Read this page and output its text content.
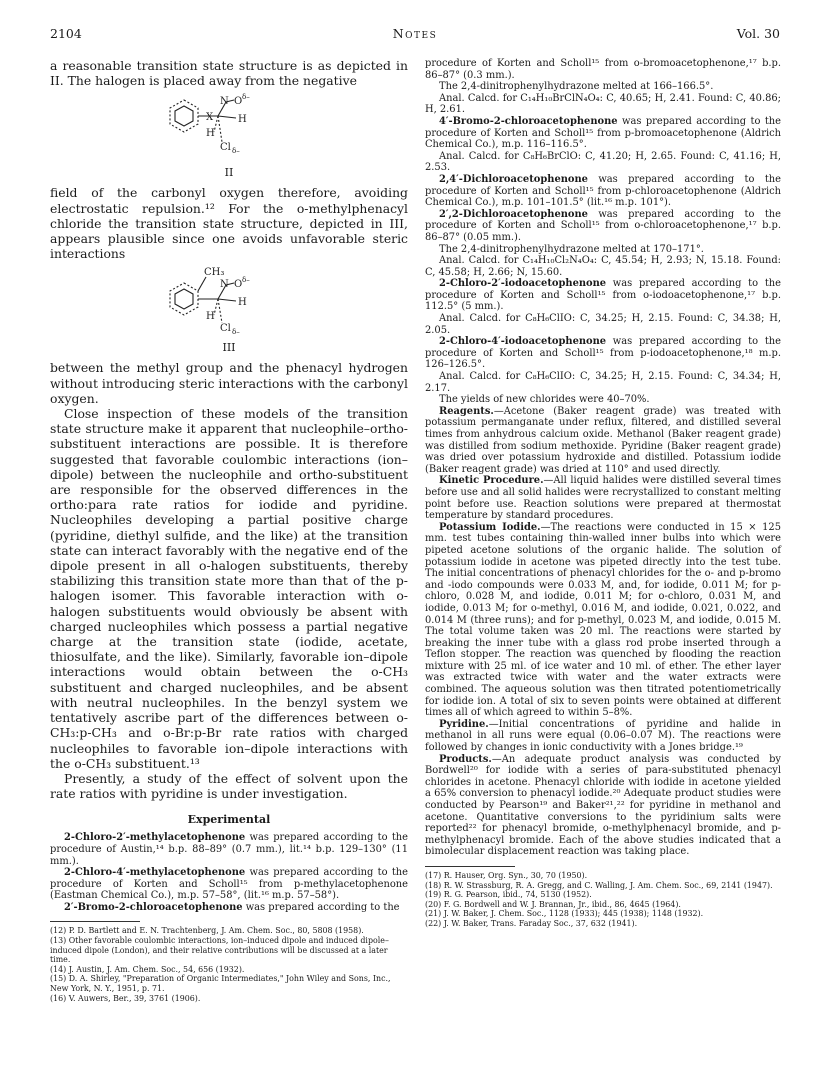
2104	Notes	Vol. 30

a reasonable transition state structure is as depicted in II. The halogen is placed away from the negative

N O δ–
X H
H
Cl δ–
II

field of the carbonyl oxygen therefore, avoiding electrostatic repulsion.¹² For the o-methylphenacyl chloride the transition state structure, depicted in III, appears plausible since one avoids unfavorable steric interactions

CH₃
N O δ–
H
H
Cl δ–
III

between the methyl group and the phenacyl hydrogen without introducing steric interactions with the carbonyl oxygen.

Close inspection of these models of the transition state structure make it apparent that nucleophile–ortho-substituent interactions are possible. It is therefore suggested that favorable coulombic interactions (ion–dipole) between the nucleophile and ortho-substituent are responsible for the observed differences in the ortho:para rate ratios for iodide and pyridine. Nucleophiles developing a partial positive charge (pyridine, diethyl sulfide, and the like) at the transition state can interact favorably with the negative end of the dipole present in all o-halogen substituents, thereby stabilizing this transition state more than that of the p-halogen isomer. This favorable interaction with o-halogen substituents would obviously be absent with charged nucleophiles which possess a partial negative charge at the transition state (iodide, acetate, thiosulfate, and the like). Similarly, favorable ion–dipole interactions would obtain between the o-CH₃ substituent and charged nucleophiles, and be absent with neutral nucleophiles. In the benzyl system we tentatively ascribe part of the differences between o-CH₃:p-CH₃ and o-Br:p-Br rate ratios with charged nucleophiles to favorable ion–dipole interactions with the o-CH₃ substituent.¹³

Presently, a study of the effect of solvent upon the rate ratios with pyridine is under investigation.

Experimental

2-Chloro-2′-methylacetophenone was prepared according to the procedure of Austin,¹⁴ b.p. 88–89° (0.7 mm.), lit.¹⁴ b.p. 129–130° (11 mm.).

2-Chloro-4′-methylacetophenone was prepared according to the procedure of Korten and Scholl¹⁵ from p-methylacetophenone (Eastman Chemical Co.), m.p. 57–58°, (lit.¹⁶ m.p. 57–58°).

2′-Bromo-2-chloroacetophenone was prepared according to the

(12) P. D. Bartlett and E. N. Trachtenberg, J. Am. Chem. Soc., 80, 5808 (1958).

(13) Other favorable coulombic interactions, ion–induced dipole and induced dipole–induced dipole (London), and their relative contributions will be discussed at a later time.

(14) J. Austin, J. Am. Chem. Soc., 54, 656 (1932).

(15) D. A. Shirley, "Preparation of Organic Intermediates," John Wiley and Sons, Inc., New York, N. Y., 1951, p. 71.

(16) V. Auwers, Ber., 39, 3761 (1906).

procedure of Korten and Scholl¹⁵ from o-bromoacetophenone,¹⁷ b.p. 86–87° (0.3 mm.).

The 2,4-dinitrophenylhydrazone melted at 166–166.5°.

Anal. Calcd. for C₁₄H₁₀BrClN₄O₄: C, 40.65; H, 2.41. Found: C, 40.86; H, 2.61.

4′-Bromo-2-chloroacetophenone was prepared according to the procedure of Korten and Scholl¹⁵ from p-bromoacetophenone (Aldrich Chemical Co.), m.p. 116–116.5°.

Anal. Calcd. for C₈H₆BrClO: C, 41.20; H, 2.65. Found: C, 41.16; H, 2.53.

2,4′-Dichloroacetophenone was prepared according to the procedure of Korten and Scholl¹⁵ from p-chloroacetophenone (Aldrich Chemical Co.), m.p. 101–101.5° (lit.¹⁶ m.p. 101°).

2′,2-Dichloroacetophenone was prepared according to the procedure of Korten and Scholl¹⁵ from o-chloroacetophenone,¹⁷ b.p. 86–87° (0.05 mm.).

The 2,4-dinitrophenylhydrazone melted at 170–171°.

Anal. Calcd. for C₁₄H₁₀Cl₂N₄O₄: C, 45.54; H, 2.93; N, 15.18. Found: C, 45.58; H, 2.66; N, 15.60.

2-Chloro-2′-iodoacetophenone was prepared according to the procedure of Korten and Scholl¹⁵ from o-iodoacetophenone,¹⁷ b.p. 112.5° (5 mm.).

Anal. Calcd. for C₈H₆ClIO: C, 34.25; H, 2.15. Found: C, 34.38; H, 2.05.

2-Chloro-4′-iodoacetophenone was prepared according to the procedure of Korten and Scholl¹⁵ from p-iodoacetophenone,¹⁸ m.p. 126–126.5°.

Anal. Calcd. for C₈H₆ClIO: C, 34.25; H, 2.15. Found: C, 34.34; H, 2.17.

The yields of new chlorides were 40–70%.

Reagents.—Acetone (Baker reagent grade) was treated with potassium permanganate under reflux, filtered, and distilled several times from anhydrous calcium oxide. Methanol (Baker reagent grade) was distilled from sodium methoxide. Pyridine (Baker reagent grade) was dried over potassium hydroxide and distilled. Potassium iodide (Baker reagent grade) was dried at 110° and used directly.

Kinetic Procedure.—All liquid halides were distilled several times before use and all solid halides were recrystallized to constant melting point before use. Reaction solutions were prepared at thermostat temperature by standard procedures.

Potassium Iodide.—The reactions were conducted in 15 × 125 mm. test tubes containing thin-walled inner bulbs into which were pipeted acetone solutions of the organic halide. The solution of potassium iodide in acetone was pipeted directly into the test tube. The initial concentrations of phenacyl chlorides for the o- and p-bromo and -iodo compounds were 0.033 M, and, for iodide, 0.011 M; for p-chloro, 0.028 M, and iodide, 0.011 M; for o-chloro, 0.031 M, and iodide, 0.013 M; for o-methyl, 0.016 M, and iodide, 0.021, 0.022, and 0.014 M (three runs); and for p-methyl, 0.023 M, and iodide, 0.015 M. The total volume taken was 20 ml. The reactions were started by breaking the inner tube with a glass rod probe inserted through a Teflon stopper. The reaction was quenched by flooding the reaction mixture with 25 ml. of ice water and 10 ml. of ether. The ether layer was extracted twice with water and the water extracts were combined. The aqueous solution was then titrated potentiometrically for iodide ion. A total of six to seven points were obtained at different times all of which agreed to within 5–8%.

Pyridine.—Initial concentrations of pyridine and halide in methanol in all runs were equal (0.06–0.07 M). The reactions were followed by changes in ionic conductivity with a Jones bridge.¹⁹

Products.—An adequate product analysis was conducted by Bordwell²⁰ for iodide with a series of para-substituted phenacyl chlorides in acetone. Phenacyl chloride with iodide in acetone yielded a 65% conversion to phenacyl iodide.²⁰ Adequate product studies were conducted by Pearson¹⁹ and Baker²¹,²² for pyridine in methanol and acetone. Quantitative conversions to the pyridinium salts were reported²² for phenacyl bromide, o-methylphenacyl bromide, and p-methylphenacyl bromide. Each of the above studies indicated that a bimolecular displacement reaction was taking place.

(17) R. Hauser, Org. Syn., 30, 70 (1950).

(18) R. W. Strassburg, R. A. Gregg, and C. Walling, J. Am. Chem. Soc., 69, 2141 (1947).

(19) R. G. Pearson, ibid., 74, 5130 (1952).

(20) F. G. Bordwell and W. J. Brannan, Jr., ibid., 86, 4645 (1964).

(21) J. W. Baker, J. Chem. Soc., 1128 (1933); 445 (1938); 1148 (1932).

(22) J. W. Baker, Trans. Faraday Soc., 37, 632 (1941).
